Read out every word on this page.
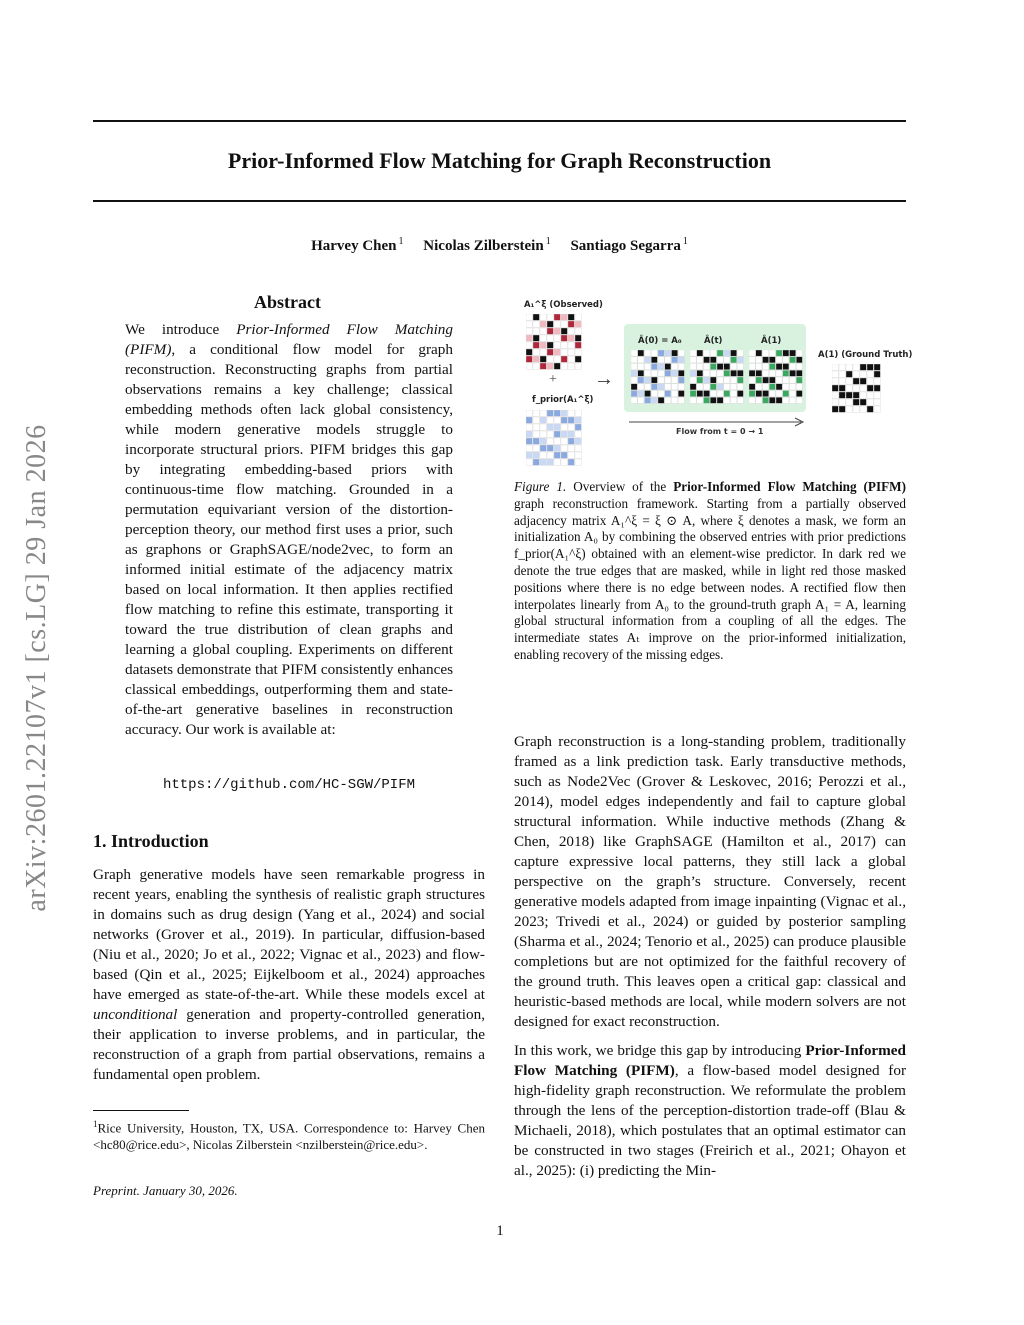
Prior-Informed Flow Matching for Graph Reconstruction
Harvey Chen $^1$ Nicolas Zilberstein $^1$ Santiago Segarra $^1$
arXiv:2601.22107v1 [cs.LG] 29 Jan 2026
Abstract
We introduce Prior-Informed Flow Matching (PIFM), a conditional flow model for graph reconstruction. Reconstructing graphs from partial observations remains a key challenge; classical embedding methods often lack global consistency, while modern generative models struggle to incorporate structural priors. PIFM bridges this gap by integrating embedding-based priors with continuous-time flow matching. Grounded in a permutation equivariant version of the distortion-perception theory, our method first uses a prior, such as graphons or GraphSAGE/node2vec, to form an informed initial estimate of the adjacency matrix based on local information. It then applies rectified flow matching to refine this estimate, transporting it toward the true distribution of clean graphs and learning a global coupling. Experiments on different datasets demonstrate that PIFM consistently enhances classical embeddings, outperforming them and state-of-the-art generative baselines in reconstruction accuracy. Our work is available at:
https://github.com/HC-SGW/PIFM
1. Introduction
Graph generative models have seen remarkable progress in recent years, enabling the synthesis of realistic graph structures in domains such as drug design (Yang et al., 2024) and social networks (Grover et al., 2019). In particular, diffusion-based (Niu et al., 2020; Jo et al., 2022; Vignac et al., 2023) and flow-based (Qin et al., 2025; Eijkelboom et al., 2024) approaches have emerged as state-of-the-art. While these models excel at unconditional generation and property-controlled generation, their application to inverse problems, and in particular, the reconstruction of a graph from partial observations, remains a fundamental open problem.
$^1$Rice University, Houston, TX, USA. Correspondence to: Harvey Chen <hc80@rice.edu>, Nicolas Zilberstein <nzilberstein@rice.edu>.
Preprint. January 30, 2026.
A₁^ξ (Observed)
+
f_prior(A₁^ξ)
→
Â(0) = A₀	Â(t)	Â(1)
A(1) (Ground Truth)
Flow from t = 0 → 1
Figure 1. Overview of the Prior-Informed Flow Matching (PIFM) graph reconstruction framework. Starting from a partially observed adjacency matrix A₁^ξ = ξ ⊙ A, where ξ denotes a mask, we form an initialization A₀ by combining the observed entries with prior predictions f_prior(A₁^ξ) obtained with an element-wise predictor. In dark red we denote the true edges that are masked, while in light red those masked positions where there is no edge between nodes. A rectified flow then interpolates linearly from A₀ to the ground-truth graph A₁ = A, learning global structural information from a coupling of all the edges. The intermediate states Aₜ improve on the prior-informed initialization, enabling recovery of the missing edges.

Graph reconstruction is a long-standing problem, traditionally framed as a link prediction task. Early transductive methods, such as Node2Vec (Grover & Leskovec, 2016; Perozzi et al., 2014), model edges independently and fail to capture global structural information. While inductive methods (Zhang & Chen, 2018) like GraphSAGE (Hamilton et al., 2017) can capture expressive local patterns, they still lack a global perspective on the graph’s structure. Conversely, recent generative models adapted from image inpainting (Vignac et al., 2023; Trivedi et al., 2024) or guided by posterior sampling (Sharma et al., 2024; Tenorio et al., 2025) can produce plausible completions but are not optimized for the faithful recovery of the ground truth. This leaves open a critical gap: classical and heuristic-based methods are local, while modern solvers are not designed for exact reconstruction.

In this work, we bridge this gap by introducing Prior-Informed Flow Matching (PIFM), a flow-based model designed for high-fidelity graph reconstruction. We reformulate the problem through the lens of the perception-distortion trade-off (Blau & Michaeli, 2018), which postulates that an optimal estimator can be constructed in two stages (Freirich et al., 2021; Ohayon et al., 2025): (i) predicting the Min-

1
